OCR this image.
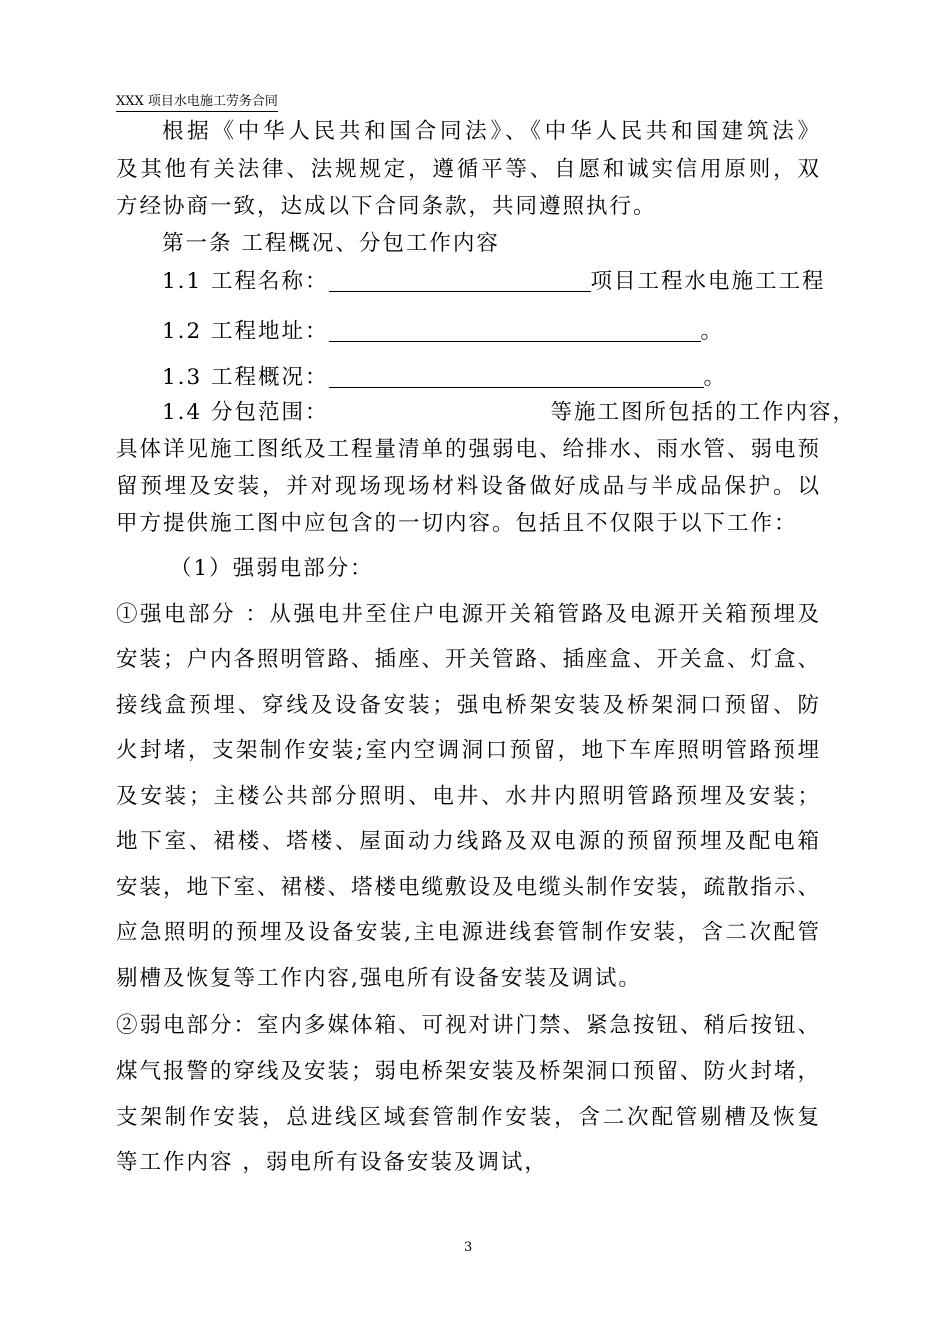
XXX 项目水电施工劳务合同
根据《中华人民共和国合同法》、《中华人民共和国建筑法》
及其他有关法律、法规规定，遵循平等、自愿和诚实信用原则，双
方经协商一致，达成以下合同条款，共同遵照执行。
第一条 工程概况、分包工作内容
1.1 工程名称：	项目工程水电施工工程
1.2 工程地址：	。
1.3 工程概况：	。
1.4 分包范围：	等施工图所包括的工作内容，
具体详见施工图纸及工程量清单的强弱电、给排水、雨水管、弱电预
留预埋及安装，并对现场现场材料设备做好成品与半成品保护。以
甲方提供施工图中应包含的一切内容。包括且不仅限于以下工作：
（1）强弱电部分：
①强电部分 ：从强电井至住户电源开关箱管路及电源开关箱预埋及
安装；户内各照明管路、插座、开关管路、插座盒、开关盒、灯盒、
接线盒预埋、穿线及设备安装；强电桥架安装及桥架洞口预留、防
火封堵，支架制作安装;室内空调洞口预留，地下车库照明管路预埋
及安装；主楼公共部分照明、电井、水井内照明管路预埋及安装；
地下室、裙楼、塔楼、屋面动力线路及双电源的预留预埋及配电箱
安装，地下室、裙楼、塔楼电缆敷设及电缆头制作安装，疏散指示、
应急照明的预埋及设备安装,主电源进线套管制作安装，含二次配管
剔槽及恢复等工作内容,强电所有设备安装及调试。
②弱电部分：室内多媒体箱、可视对讲门禁、紧急按钮、稍后按钮、
煤气报警的穿线及安装；弱电桥架安装及桥架洞口预留、防火封堵，
支架制作安装，总进线区域套管制作安装，含二次配管剔槽及恢复
等工作内容 ，弱电所有设备安装及调试，
3
